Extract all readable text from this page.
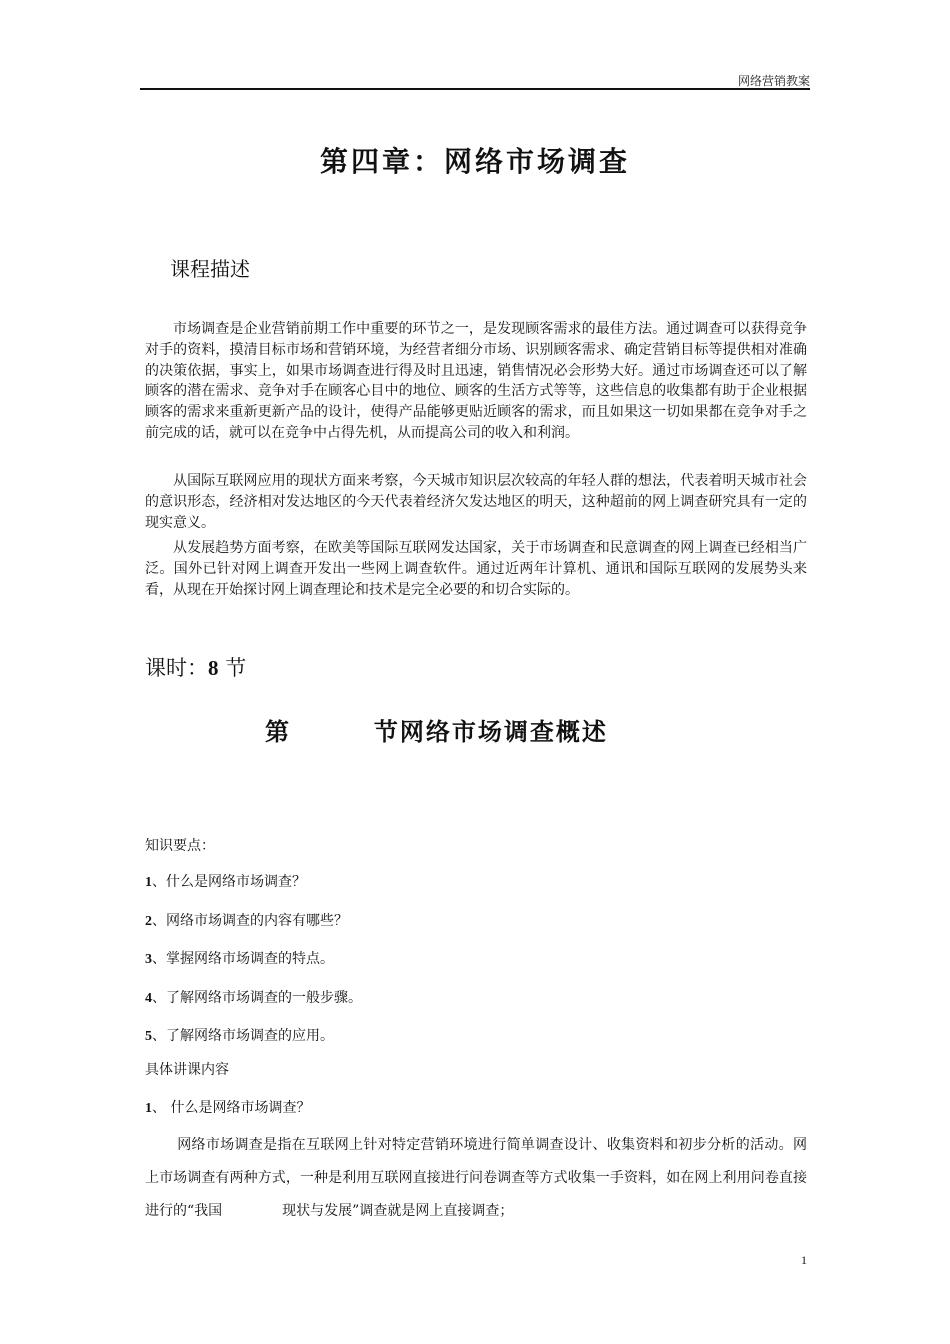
网络营销教案
第四章：网络市场调查
课程描述

市场调查是企业营销前期工作中重要的环节之一，是发现顾客需求的最佳方法。通过调查可以获得竞争对手的资料，摸清目标市场和营销环境，为经营者细分市场、识别顾客需求、确定营销目标等提供相对准确的决策依据，事实上，如果市场调查进行得及时且迅速，销售情况必会形势大好。通过市场调查还可以了解顾客的潜在需求、竞争对手在顾客心目中的地位、顾客的生活方式等等，这些信息的收集都有助于企业根据顾客的需求来重新更新产品的设计，使得产品能够更贴近顾客的需求，而且如果这一切如果都在竞争对手之前完成的话，就可以在竞争中占得先机，从而提高公司的收入和利润。

从国际互联网应用的现状方面来考察，今天城市知识层次较高的年轻人群的想法，代表着明天城市社会的意识形态，经济相对发达地区的今天代表着经济欠发达地区的明天，这种超前的网上调查研究具有一定的现实意义。

从发展趋势方面考察，在欧美等国际互联网发达国家，关于市场调查和民意调查的网上调查已经相当广泛。国外已针对网上调查开发出一些网上调查软件。通过近两年计算机、通讯和国际互联网的发展势头来看，从现在开始探讨网上调查理论和技术是完全必要的和切合实际的。

课时：8 节
第	节网络市场调查概述
知识要点：
1、什么是网络市场调查？
2、网络市场调查的内容有哪些？
3、掌握网络市场调查的特点。
4、了解网络市场调查的一般步骤。
5、了解网络市场调查的应用。
具体讲课内容
1、 什么是网络市场调查？

网络市场调查是指在互联网上针对特定营销环境进行简单调查设计、收集资料和初步分析的活动。网上市场调查有两种方式，一种是利用互联网直接进行问卷调查等方式收集一手资料，如在网上利用问卷直接进行的“我国	现状与发展”调查就是网上直接调查；

1
